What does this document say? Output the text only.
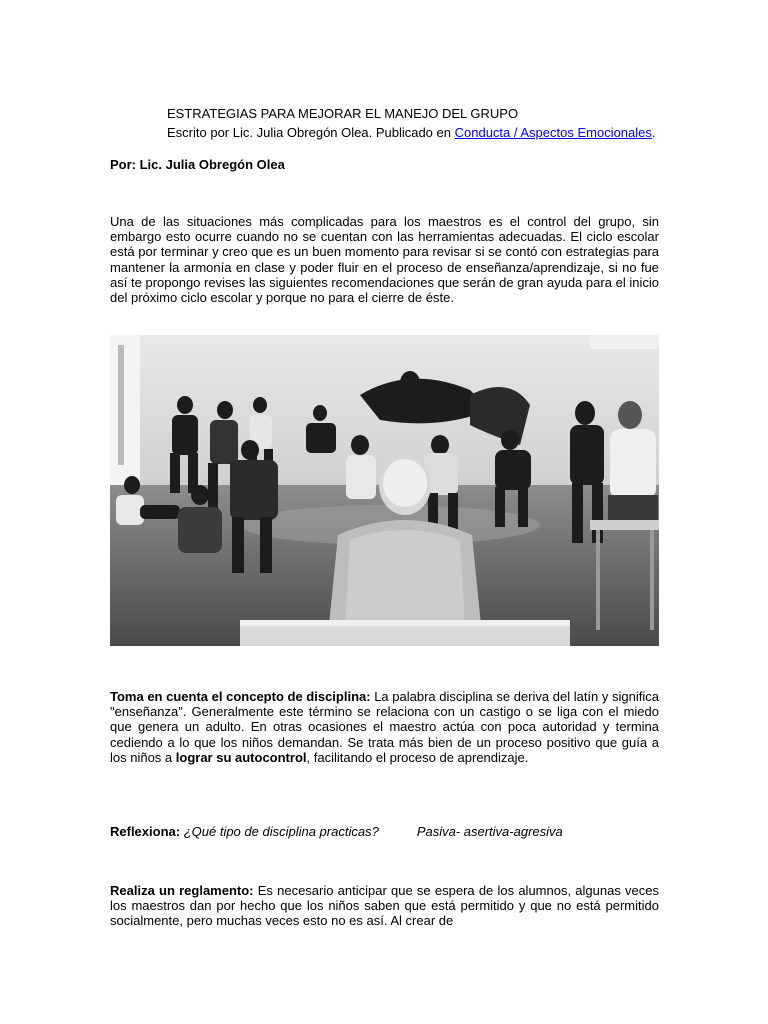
ESTRATEGIAS PARA MEJORAR EL MANEJO DEL GRUPO
Escrito por Lic. Julia Obregón Olea. Publicado en Conducta / Aspectos Emocionales.
Por: Lic. Julia Obregón Olea
Una de las situaciones más complicadas para los maestros es el control del grupo, sin embargo esto ocurre cuando no se cuentan con las herramientas adecuadas. El ciclo escolar está por terminar y creo que es un buen momento para revisar si se contó con estrategias para mantener la armonía en clase y poder fluir en el proceso de enseñanza/aprendizaje, si no fue así te propongo revises las siguientes recomendaciones que serán de gran ayuda para el inicio del próximo ciclo escolar y porque no para el cierre de éste.
Toma en cuenta el concepto de disciplina: La palabra disciplina se deriva del latín y significa "enseñanza". Generalmente este término se relaciona con un castigo o se liga con el miedo que genera un adulto. En otras ocasiones el maestro actúa con poca autoridad y termina cediendo a lo que los niños demandan. Se trata más bien de un proceso positivo que guía a los niños a lograr su autocontrol, facilitando el proceso de aprendizaje.
Reflexiona: ¿Qué tipo de disciplina practicas?	Pasiva- asertiva-agresiva
Realiza un reglamento: Es necesario anticipar que se espera de los alumnos, algunas veces los maestros dan por hecho que los niños saben que está permitido y que no está permitido socialmente, pero muchas veces esto no es así. Al crear de
